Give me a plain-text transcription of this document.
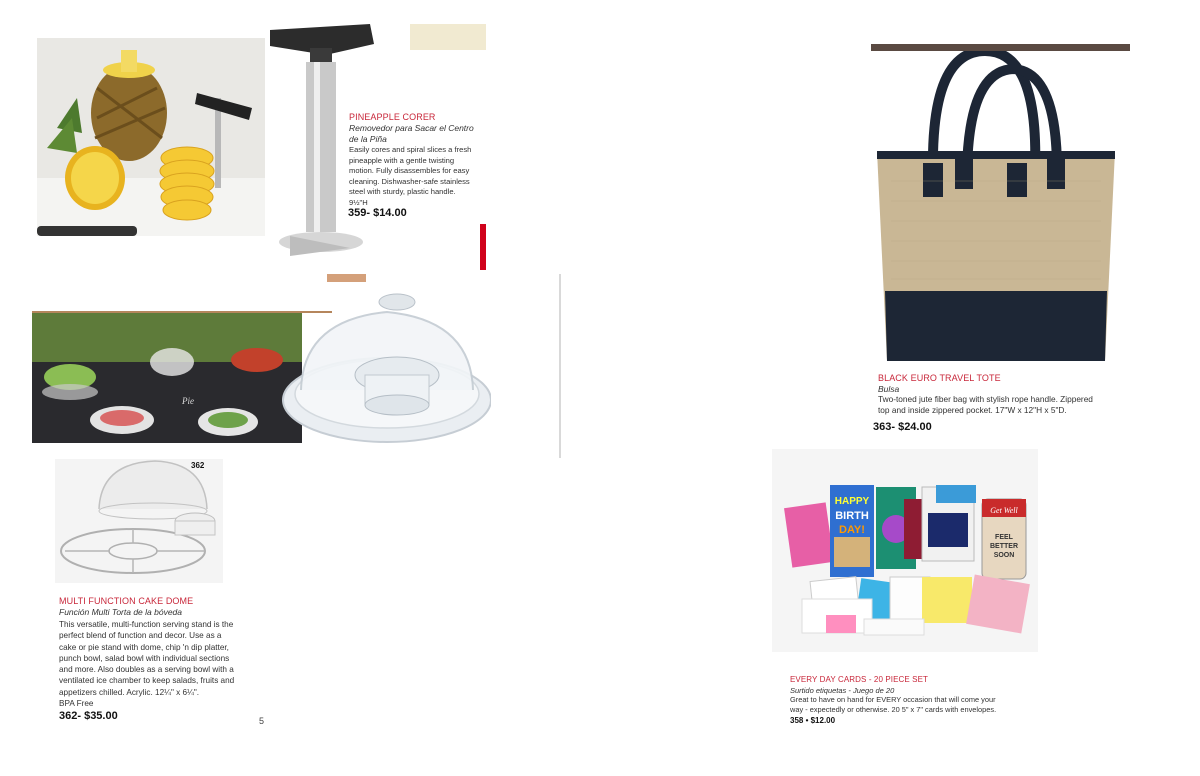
PINEAPPLE CORER
Removedor para Sacar el Centro
de la Piña
Easily cores and spiral slices a fresh
pineapple with a gentle twisting
motion. Fully disassembles for easy
cleaning. Dishwasher-safe stainless
steel with sturdy, plastic handle.
9½"H
359- $14.00
Pie
362
MULTI FUNCTION CAKE DOME
Función Multi Torta de la bóveda
This versatile, multi-function serving stand is the
perfect blend of function and decor. Use as a
cake or pie stand with dome, chip 'n dip platter,
punch bowl, salad bowl with individual sections
and more. Also doubles as a serving bowl with a
ventilated ice chamber to keep salads, fruits and
appetizers chilled. Acrylic. 12¼" x 6¼".
BPA Free
362- $35.00	5
BLACK EURO TRAVEL TOTE
Bulsa
Two-toned jute fiber bag with stylish rope handle. Zippered
top and inside zippered pocket. 17"W x 12"H x 5"D.
363- $24.00
HAPPY
BIRTH
DAY!
Get Well
FEEL
BETTER
SOON
EVERY DAY CARDS - 20 PIECE SET
Surtido etiquetas - Juego de 20
Great to have on hand for EVERY occasion that will come your
way - expectedly or otherwise. 20 5" x 7" cards with envelopes.
358 • $12.00
